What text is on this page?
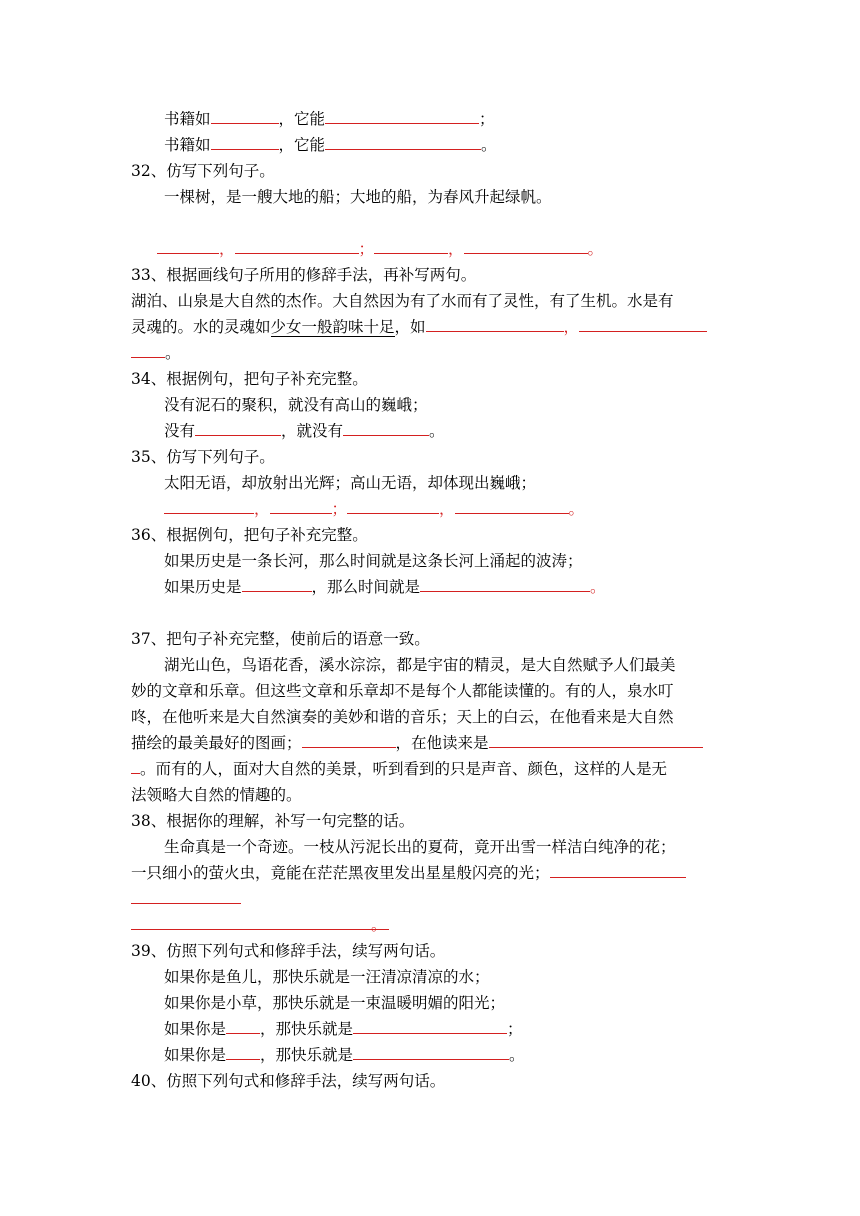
书籍如	，它能	；
书籍如	，它能	。
32、仿写下列句子。
一棵树，是一艘大地的船；大地的船，为春风升起绿帆。
，	；	，	。
33、根据画线句子所用的修辞手法，再补写两句。
湖泊、山泉是大自然的杰作。大自然因为有了水而有了灵性，有了生机。水是有
灵魂的。水的灵魂如少女一般韵味十足，如	，
。
34、根据例句，把句子补充完整。
没有泥石的聚积，就没有高山的巍峨；
没有	，就没有	。
35、仿写下列句子。
太阳无语，却放射出光辉；高山无语，却体现出巍峨；
，	；	，	。
36、根据例句，把句子补充完整。
如果历史是一条长河，那么时间就是这条长河上涌起的波涛；
如果历史是	，那么时间就是	。
37、把句子补充完整，使前后的语意一致。
湖光山色，鸟语花香，溪水淙淙，都是宇宙的精灵，是大自然赋予人们最美
妙的文章和乐章。但这些文章和乐章却不是每个人都能读懂的。有的人，泉水叮
咚，在他听来是大自然演奏的美妙和谐的音乐；天上的白云，在他看来是大自然
描绘的最美最好的图画；	，在他读来是
。而有的人，面对大自然的美景，听到看到的只是声音、颜色，这样的人是无
法领略大自然的情趣的。
38、根据你的理解，补写一句完整的话。
生命真是一个奇迹。一枝从污泥长出的夏荷，竟开出雪一样洁白纯净的花；
一只细小的萤火虫，竟能在茫茫黑夜里发出星星般闪亮的光；
。
39、仿照下列句式和修辞手法，续写两句话。
如果你是鱼儿，那快乐就是一汪清凉清凉的水；
如果你是小草，那快乐就是一束温暖明媚的阳光；
如果你是 ，那快乐就是	；
如果你是 ，那快乐就是	。
40、仿照下列句式和修辞手法，续写两句话。
